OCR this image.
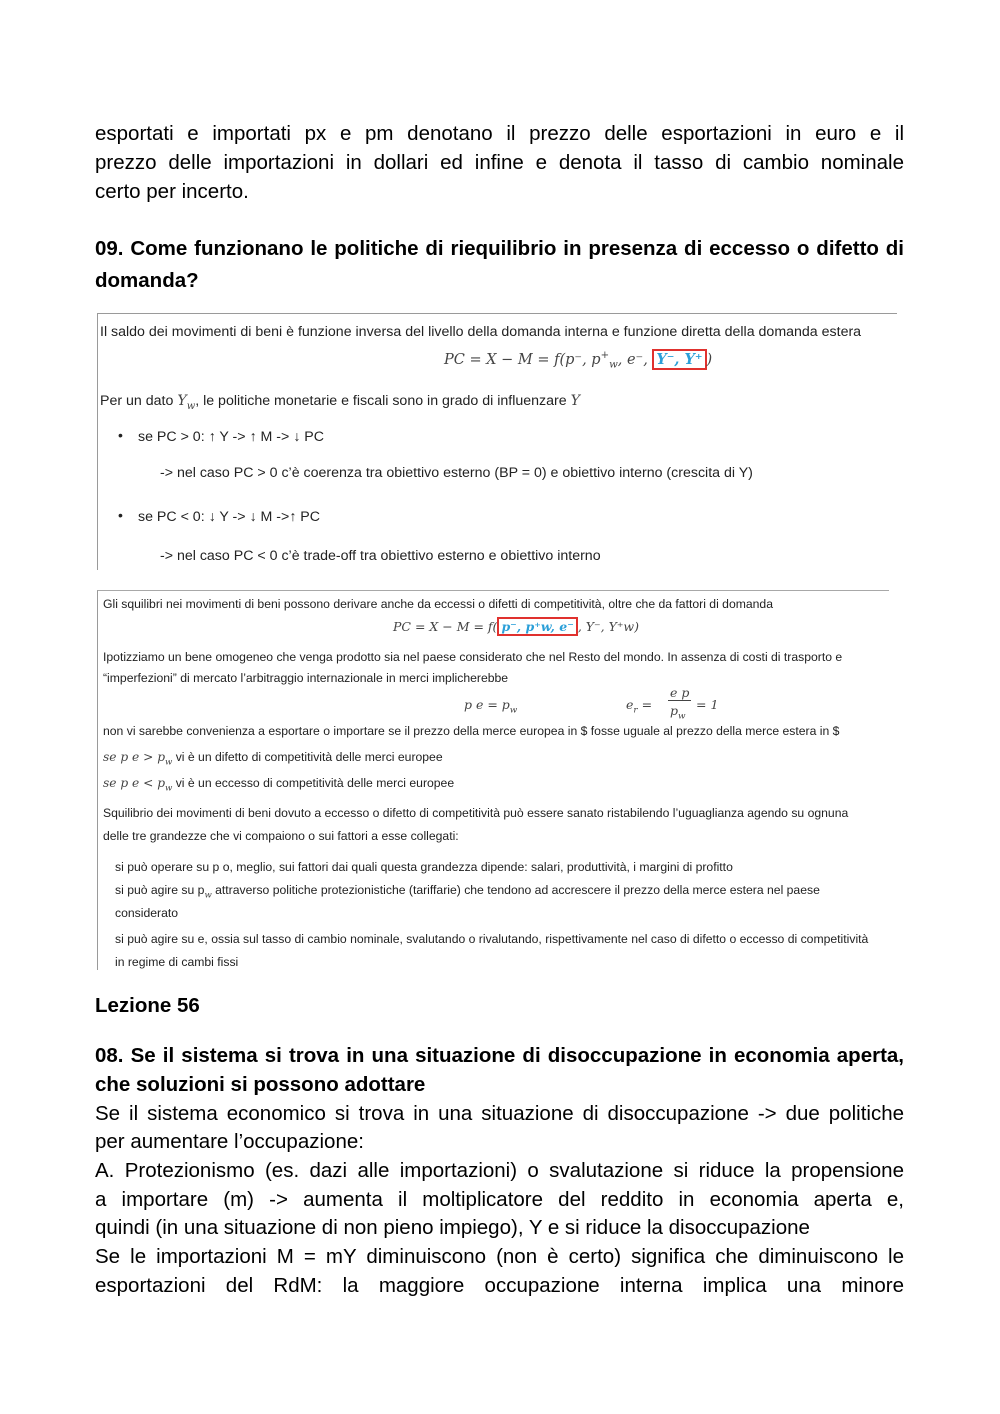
esportati e importati px e pm denotano il prezzo delle esportazioni in euro e il
prezzo delle importazioni in dollari ed infine e denota il tasso di cambio nominale
certo per incerto.
09. Come funzionano le politiche di riequilibrio in presenza di eccesso o difetto di domanda?
Il saldo dei movimenti di beni è funzione inversa del livello della domanda interna e funzione diretta della domanda estera
PC = X − M = f(p⁻, $p^+_w$, e⁻, Y⁻, Y⁺ )
Per un dato $Y_w$, le politiche monetarie e fiscali sono in grado di influenzare Y
• se PC > 0: ↑ Y -> ↑ M -> ↓ PC
-> nel caso PC > 0 c’è coerenza tra obiettivo esterno (BP = 0) e obiettivo interno (crescita di Y)
• se PC < 0: ↓ Y -> ↓ M ->↑ PC
-> nel caso PC < 0 c’è trade-off tra obiettivo esterno e obiettivo interno
Gli squilibri nei movimenti di beni possono derivare anche da eccessi o difetti di competitività, oltre che da fattori di domanda
PC = X − M = f( p⁻, p⁺w, e⁻ , Y⁻, Y⁺w)
Ipotizziamo un bene omogeneo che venga prodotto sia nel paese considerato che nel Resto del mondo. In assenza di costi di trasporto e
“imperfezioni” di mercato l’arbitraggio internazionale in merci implicherebbe
p $e = p_w$	$e_r$ =
e p
$p_w$
= 1
non vi sarebbe convenienza a esportare o importare se il prezzo della merce europea in $ fosse uguale al prezzo della merce estera in $
se p $e > p_w$ vi è un difetto di competitività delle merci europee
se p $e < p_w$ vi è un eccesso di competitività delle merci europee
Squilibrio dei movimenti di beni dovuto a eccesso o difetto di competitività può essere sanato ristabilendo l’uguaglianza agendo su ognuna
delle tre grandezze che vi compaiono o sui fattori a esse collegati:
si può operare su p o, meglio, sui fattori dai quali questa grandezza dipende: salari, produttività, i margini di profitto
si può agire su $p_w$ attraverso politiche protezionistiche (tariffarie) che tendono ad accrescere il prezzo della merce estera nel paese
considerato
si può agire su e, ossia sul tasso di cambio nominale, svalutando o rivalutando, rispettivamente nel caso di difetto o eccesso di competitività
in regime di cambi fissi
Lezione 56
08. Se il sistema si trova in una situazione di disoccupazione in economia aperta,
che soluzioni si possono adottare
Se il sistema economico si trova in una situazione di disoccupazione -> due politiche
per aumentare l’occupazione:
A. Protezionismo (es. dazi alle importazioni) o svalutazione si riduce la propensione
a importare (m) -> aumenta il moltiplicatore del reddito in economia aperta e,
quindi (in una situazione di non pieno impiego), Y e si riduce la disoccupazione
Se le importazioni M = mY diminuiscono (non è certo) significa che diminuiscono le
esportazioni del RdM: la maggiore occupazione interna implica una minore
